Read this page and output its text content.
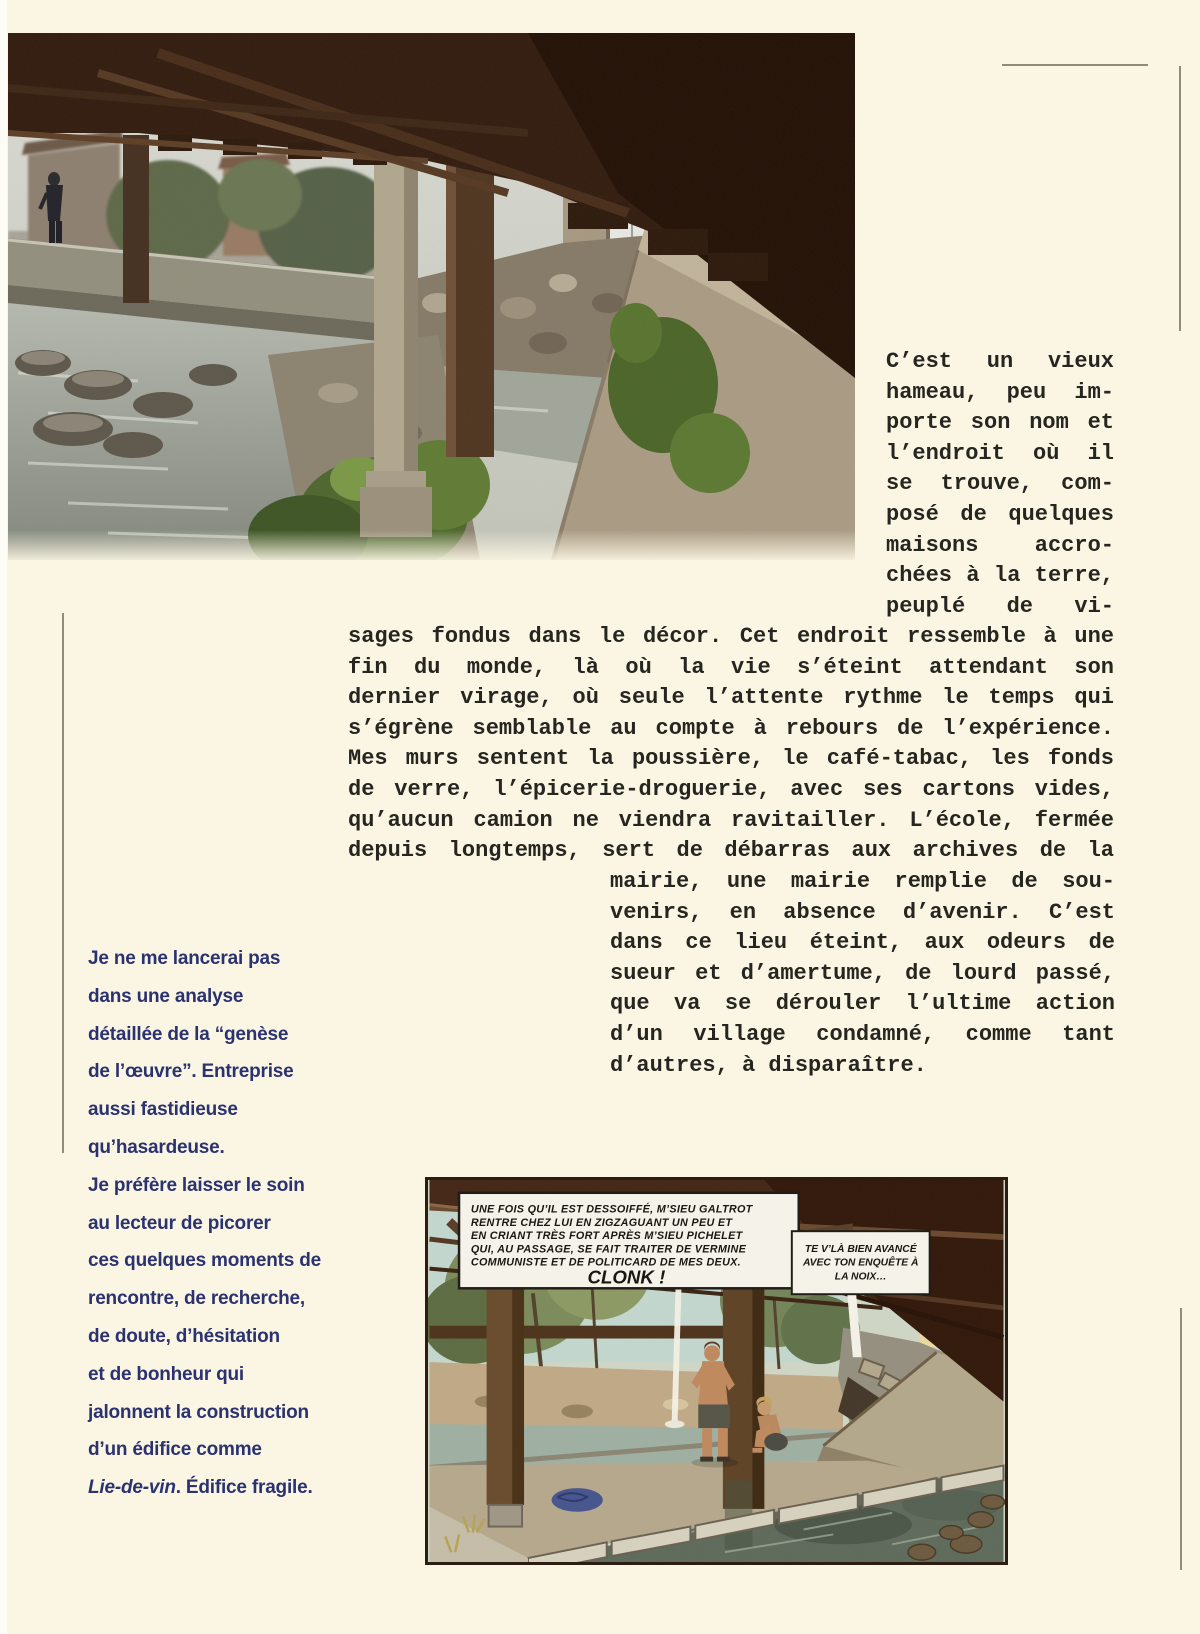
C’est un vieux
hameau, peu im-
porte son nom et
l’endroit où il
se trouve, com-
posé de quelques
maisons accro-
chées à la terre,
peuplé de vi-
sages fondus dans le décor. Cet endroit ressemble à une
fin du monde, là où la vie s’éteint attendant son
dernier virage, où seule l’attente rythme le temps qui
s’égrène semblable au compte à rebours de l’expérience.
Mes murs sentent la poussière, le café-tabac, les fonds
de verre, l’épicerie-droguerie, avec ses cartons vides,
qu’aucun camion ne viendra ravitailler. L’école, fermée
depuis longtemps, sert de débarras aux archives de la
mairie, une mairie remplie de sou-
venirs, en absence d’avenir. C’est
dans ce lieu éteint, aux odeurs de
sueur et d’amertume, de lourd passé,
que va se dérouler l’ultime action
d’un village condamné, comme tant
d’autres, à disparaître.
Je ne me lancerai pas
dans une analyse
détaillée de la “genèse
de l’œuvre”. Entreprise
aussi fastidieuse
qu’hasardeuse.
Je préfère laisser le soin
au lecteur de picorer
ces quelques moments de
rencontre, de recherche,
de doute, d’hésitation
et de bonheur qui
jalonnent la construction
d’un édifice comme
Lie-de-vin. Édifice fragile.
UNE FOIS QU’IL EST DESSOIFFÉ, M’SIEU GALTROT
RENTRE CHEZ LUI EN ZIGZAGUANT UN PEU ET
EN CRIANT TRÈS FORT APRÈS M’SIEU PICHELET
QUI, AU PASSAGE, SE FAIT TRAITER DE VERMINE
COMMUNISTE ET DE POLITICARD DE MES DEUX.
CLONK !
TE V’LÀ BIEN AVANCÉ
AVEC TON ENQUÊTE À
LA NOIX…
